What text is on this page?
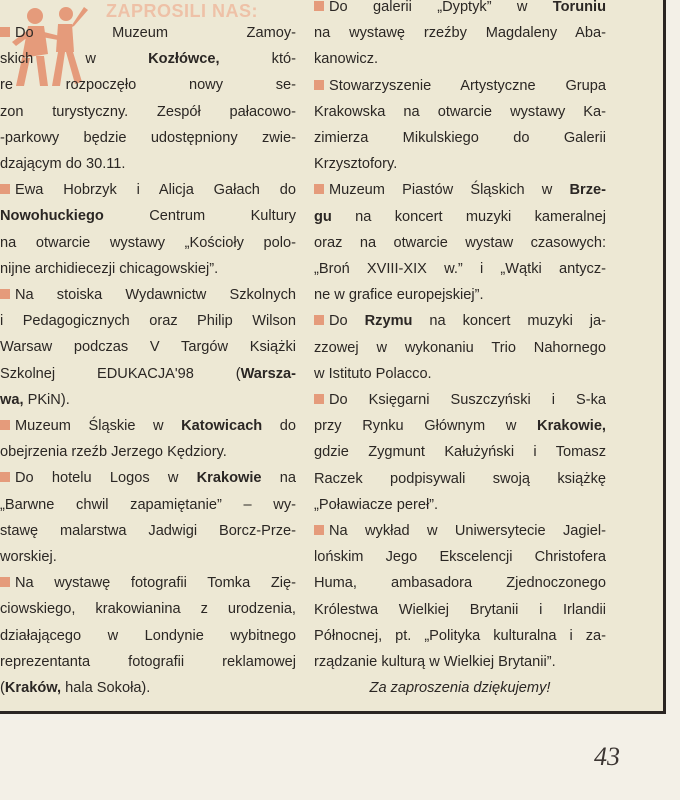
ZAPROSILI NAS:

Do Muzeum Zamoy-

skich w Kozłówce, któ-

re rozpoczęło nowy se-

zon turystyczny. Zespół pałacowo-

-parkowy będzie udostępniony zwie-

dzającym do 30.11.

Ewa Hobrzyk i Alicja Gałach do

Nowohuckiego Centrum Kultury

na otwarcie wystawy „Kościoły polo-

nijne archidiecezji chicagowskiej”.

Na stoiska Wydawnictw Szkolnych

i Pedagogicznych oraz Philip Wilson

Warsaw podczas V Targów Książki

Szkolnej EDUKACJA'98 (Warsza-

wa, PKiN).

Muzeum Śląskie w Katowicach do

obejrzenia rzeźb Jerzego Kędziory.

Do hotelu Logos w Krakowie na

„Barwne chwil zapamiętanie” – wy-

stawę malarstwa Jadwigi Borcz-Prze-

worskiej.

Na wystawę fotografii Tomka Zię-

ciowskiego, krakowianina z urodzenia,

działającego w Londynie wybitnego

reprezentanta fotografii reklamowej

(Kraków, hala Sokoła).

Do galerii „Dyptyk” w Toruniu

na wystawę rzeźby Magdaleny Aba-

kanowicz.

Stowarzyszenie Artystyczne Grupa

Krakowska na otwarcie wystawy Ka-

zimierza Mikulskiego do Galerii

Krzysztofory.

Muzeum Piastów Śląskich w Brze-

gu na koncert muzyki kameralnej

oraz na otwarcie wystaw czasowych:

„Broń XVIII-XIX w.” i „Wątki antycz-

ne w grafice europejskiej”.

Do Rzymu na koncert muzyki ja-

zzowej w wykonaniu Trio Nahornego

w Istituto Polacco.

Do Księgarni Suszczyński i S-ka

przy Rynku Głównym w Krakowie,

gdzie Zygmunt Kałużyński i Tomasz

Raczek podpisywali swoją książkę

„Poławiacze pereł”.

Na wykład w Uniwersytecie Jagiel-

lońskim Jego Ekscelencji Christofera

Huma, ambasadora Zjednoczonego

Królestwa Wielkiej Brytanii i Irlandii

Północnej, pt. „Polityka kulturalna i za-

rządzanie kulturą w Wielkiej Brytanii”.

Za zaproszenia dziękujemy!

43
